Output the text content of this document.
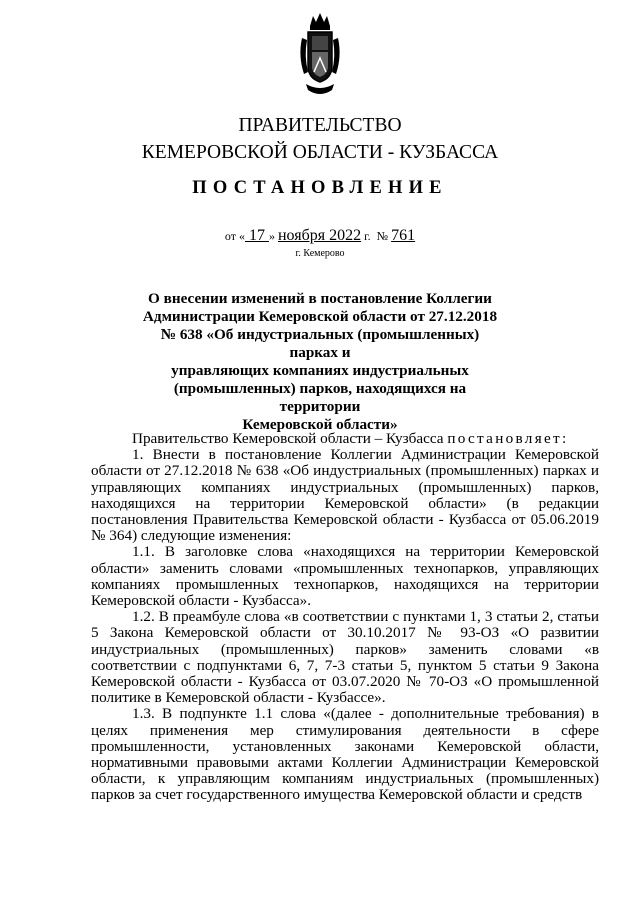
ПРАВИТЕЛЬСТВО
КЕМЕРОВСКОЙ ОБЛАСТИ - КУЗБАССА
ПОСТАНОВЛЕНИЕ
от « 17 » ноября 2022 г. № 761
г. Кемерово
О внесении изменений в постановление Коллегии
Администрации Кемеровской области от 27.12.2018
№ 638 «Об индустриальных (промышленных) парках и
управляющих компаниях индустриальных
(промышленных) парков, находящихся на территории
Кемеровской области»

Правительство Кемеровской области – Кузбасса постановляет:

1. Внести в постановление Коллегии Администрации Кемеровской области от 27.12.2018 № 638 «Об индустриальных (промышленных) парках и управляющих компаниях индустриальных (промышленных) парков, находящихся на территории Кемеровской области» (в редакции постановления Правительства Кемеровской области - Кузбасса от 05.06.2019 № 364) следующие изменения:

1.1. В заголовке слова «находящихся на территории Кемеровской области» заменить словами «промышленных технопарков, управляющих компаниях промышленных технопарков, находящихся на территории Кемеровской области - Кузбасса».

1.2. В преамбуле слова «в соответствии с пунктами 1, 3 статьи 2, статьи 5 Закона Кемеровской области от 30.10.2017 № 93-ОЗ «О развитии индустриальных (промышленных) парков» заменить словами «в соответствии с подпунктами 6, 7, 7-3 статьи 5, пунктом 5 статьи 9 Закона Кемеровской области - Кузбасса от 03.07.2020 № 70-ОЗ «О промышленной политике в Кемеровской области - Кузбассе».

1.3. В подпункте 1.1 слова «(далее - дополнительные требования) в целях применения мер стимулирования деятельности в сфере промышленности, установленных законами Кемеровской области, нормативными правовыми актами Коллегии Администрации Кемеровской области, к управляющим компаниям индустриальных (промышленных) парков за счет государственного имущества Кемеровской области и средств
